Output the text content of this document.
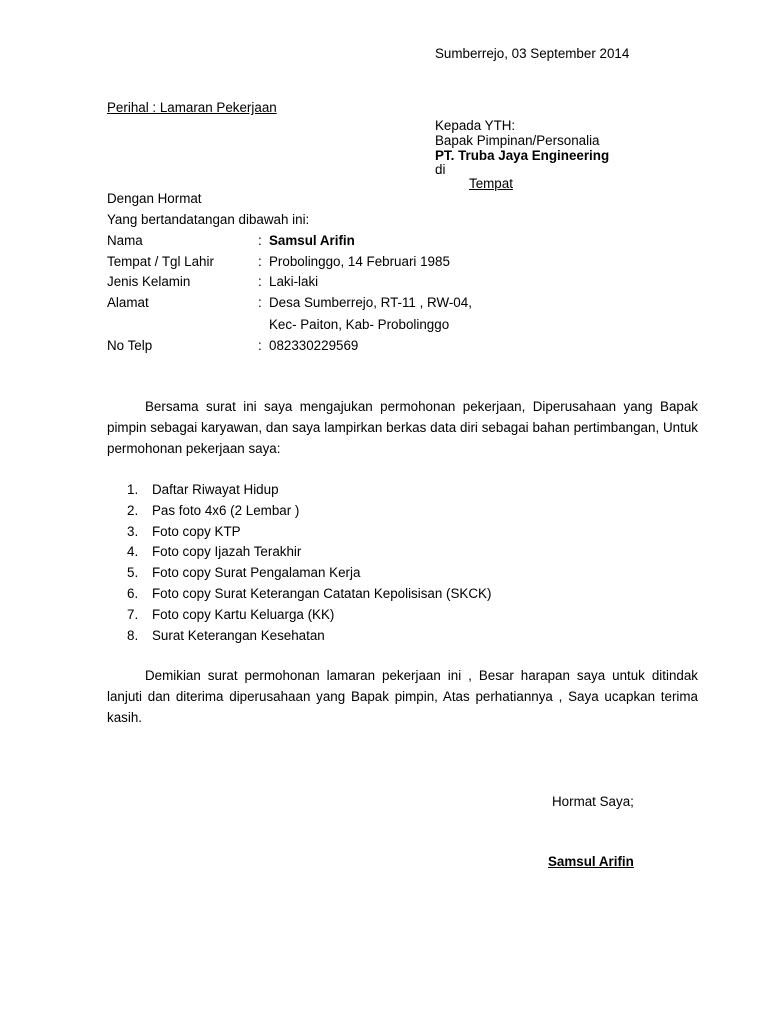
Sumberrejo, 03 September 2014
Perihal : Lamaran Pekerjaan
Kepada YTH:
Bapak Pimpinan/Personalia
PT. Truba Jaya Engineering
di
Tempat
Dengan Hormat
Yang bertandatangan dibawah ini:
Nama	: Samsul Arifin
Tempat / Tgl Lahir	: Probolinggo, 14 Februari 1985
Jenis Kelamin	: Laki-laki
Alamat	: Desa Sumberrejo, RT-11 , RW-04,
Kec- Paiton, Kab- Probolinggo
No Telp	: 082330229569
Bersama surat ini saya mengajukan permohonan pekerjaan, Diperusahaan yang Bapak pimpin sebagai karyawan, dan saya lampirkan berkas data diri sebagai bahan pertimbangan, Untuk permohonan pekerjaan saya:
1. Daftar Riwayat Hidup
2. Pas foto 4x6 (2 Lembar )
3. Foto copy KTP
4. Foto copy Ijazah Terakhir
5. Foto copy Surat Pengalaman Kerja
6. Foto copy Surat Keterangan Catatan Kepolisisan (SKCK)
7. Foto copy Kartu Keluarga (KK)
8. Surat Keterangan Kesehatan
Demikian surat permohonan lamaran pekerjaan ini , Besar harapan saya untuk ditindak lanjuti dan diterima diperusahaan yang Bapak pimpin, Atas perhatiannya , Saya ucapkan terima kasih.
Hormat Saya;
Samsul Arifin
